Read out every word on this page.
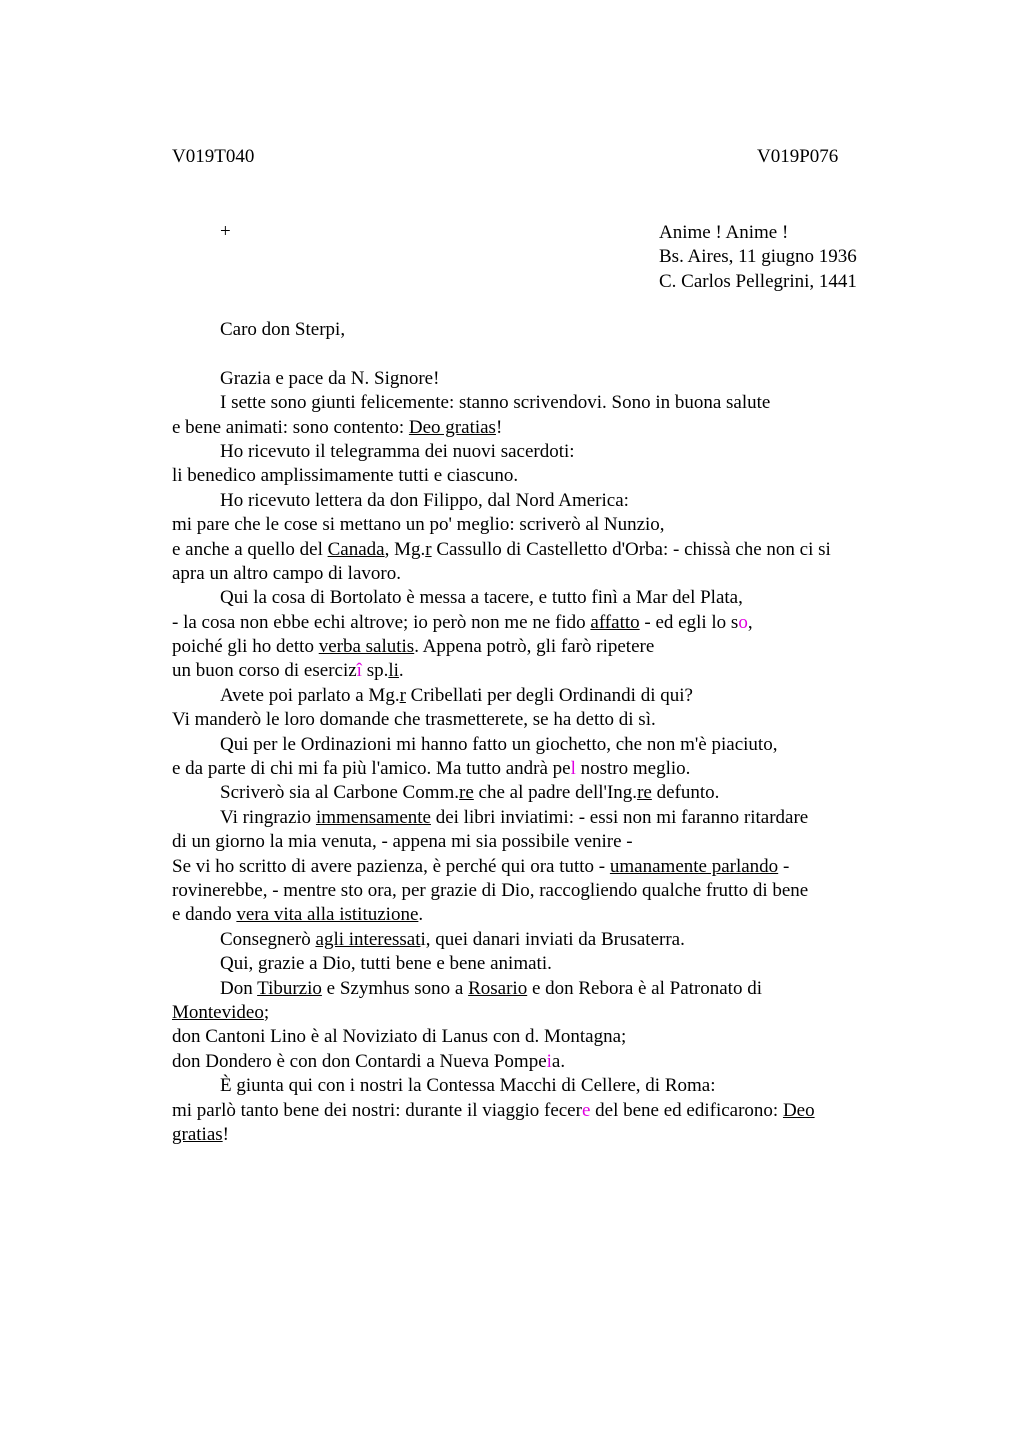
V019T040	V019P076
+	Anime ! Anime !
Bs. Aires, 11 giugno 1936
C. Carlos Pellegrini, 1441
Caro don Sterpi,
Grazia e pace da N. Signore!
I sette sono giunti felicemente: stanno scrivendovi. Sono in buona salute
e bene animati: sono contento: Deo gratias!
Ho ricevuto il telegramma dei nuovi sacerdoti:
li benedico amplissimamente tutti e ciascuno.
Ho ricevuto lettera da don Filippo, dal Nord America:
mi pare che le cose si mettano un po' meglio: scriverò al Nunzio,
e anche a quello del Canada, Mg.r Cassullo di Castelletto d'Orba: - chissà che non ci si
apra un altro campo di lavoro.
Qui la cosa di Bortolato è messa a tacere, e tutto finì a Mar del Plata,
- la cosa non ebbe echi altrove; io però non me ne fido affatto - ed egli lo so,
poiché gli ho detto verba salutis. Appena potrò, gli farò ripetere
un buon corso di esercizî sp.li.
Avete poi parlato a Mg.r Cribellati per degli Ordinandi di qui?
Vi manderò le loro domande che trasmetterete, se ha detto di sì.
Qui per le Ordinazioni mi hanno fatto un giochetto, che non m'è piaciuto,
e da parte di chi mi fa più l'amico. Ma tutto andrà pel nostro meglio.
Scriverò sia al Carbone Comm.re che al padre dell'Ing.re defunto.
Vi ringrazio immensamente dei libri inviatimi: - essi non mi faranno ritardare
di un giorno la mia venuta, - appena mi sia possibile venire -
Se vi ho scritto di avere pazienza, è perché qui ora tutto - umanamente parlando -
rovinerebbe, - mentre sto ora, per grazie di Dio, raccogliendo qualche frutto di bene
e dando vera vita alla istituzione.
Consegnerò agli interessati, quei danari inviati da Brusaterra.
Qui, grazie a Dio, tutti bene e bene animati.
Don Tiburzio e Szymhus sono a Rosario e don Rebora è al Patronato di
Montevideo;
don Cantoni Lino è al Noviziato di Lanus con d. Montagna;
don Dondero è con don Contardi a Nueva Pompeia.
È giunta qui con i nostri la Contessa Macchi di Cellere, di Roma:
mi parlò tanto bene dei nostri: durante il viaggio fecere del bene ed edificarono: Deo
gratias!
